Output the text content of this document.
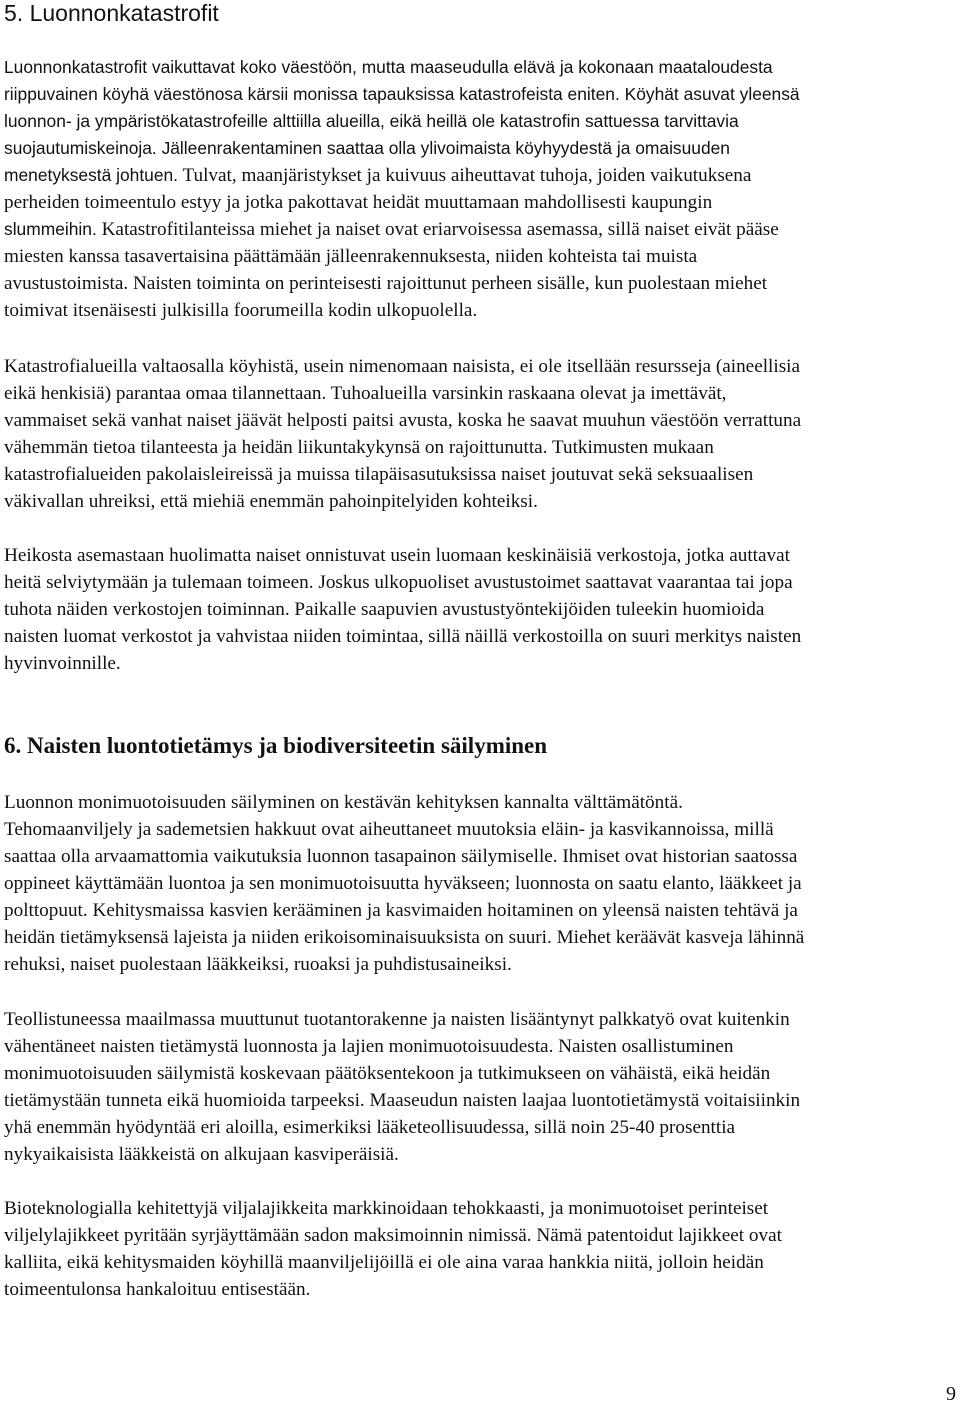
5. Luonnonkatastrofit
Luonnonkatastrofit vaikuttavat koko väestöön, mutta maaseudulla elävä ja kokonaan maataloudesta
riippuvainen köyhä väestönosa kärsii monissa tapauksissa katastrofeista eniten. Köyhät asuvat yleensä
luonnon- ja ympäristökatastrofeille alttiilla alueilla, eikä heillä ole katastrofin sattuessa tarvittavia
suojautumiskeinoja. Jälleenrakentaminen saattaa olla ylivoimaista köyhyydestä ja omaisuuden
menetyksestä johtuen. Tulvat, maanjäristykset ja kuivuus aiheuttavat tuhoja, joiden vaikutuksena
perheiden toimeentulo estyy ja jotka pakottavat heidät muuttamaan mahdollisesti kaupungin
slummeihin. Katastrofitilanteissa miehet ja naiset ovat eriarvoisessa asemassa, sillä naiset eivät pääse
miesten kanssa tasavertaisina päättämään jälleenrakennuksesta, niiden kohteista tai muista
avustustoimista. Naisten toiminta on perinteisesti rajoittunut perheen sisälle, kun puolestaan miehet
toimivat itsenäisesti julkisilla foorumeilla kodin ulkopuolella.
Katastrofialueilla valtaosalla köyhistä, usein nimenomaan naisista, ei ole itsellään resursseja (aineellisia
eikä henkisiä) parantaa omaa tilannettaan. Tuhoalueilla varsinkin raskaana olevat ja imettävät,
vammaiset sekä vanhat naiset jäävät helposti paitsi avusta, koska he saavat muuhun väestöön verrattuna
vähemmän tietoa tilanteesta ja heidän liikuntakykynsä on rajoittunutta. Tutkimusten mukaan
katastrofialueiden pakolaisleireissä ja muissa tilapäisasutuksissa naiset joutuvat sekä seksuaalisen
väkivallan uhreiksi, että miehiä enemmän pahoinpitelyiden kohteiksi.
Heikosta asemastaan huolimatta naiset onnistuvat usein luomaan keskinäisiä verkostoja, jotka auttavat
heitä selviytymään ja tulemaan toimeen. Joskus ulkopuoliset avustustoimet saattavat vaarantaa tai jopa
tuhota näiden verkostojen toiminnan. Paikalle saapuvien avustustyöntekijöiden tuleekin huomioida
naisten luomat verkostot ja vahvistaa niiden toimintaa, sillä näillä verkostoilla on suuri merkitys naisten
hyvinvoinnille.
6. Naisten luontotietämys ja biodiversiteetin säilyminen
Luonnon monimuotoisuuden säilyminen on kestävän kehityksen kannalta välttämätöntä.
Tehomaanviljely ja sademetsien hakkuut ovat aiheuttaneet muutoksia eläin- ja kasvikannoissa, millä
saattaa olla arvaamattomia vaikutuksia luonnon tasapainon säilymiselle. Ihmiset ovat historian saatossa
oppineet käyttämään luontoa ja sen monimuotoisuutta hyväkseen; luonnosta on saatu elanto, lääkkeet ja
polttopuut. Kehitysmaissa kasvien kerääminen ja kasvimaiden hoitaminen on yleensä naisten tehtävä ja
heidän tietämyksensä lajeista ja niiden erikoisominaisuuksista on suuri. Miehet keräävät kasveja lähinnä
rehuksi, naiset puolestaan lääkkeiksi, ruoaksi ja puhdistusaineiksi.
Teollistuneessa maailmassa muuttunut tuotantorakenne ja naisten lisääntynyt palkkatyö ovat kuitenkin
vähentäneet naisten tietämystä luonnosta ja lajien monimuotoisuudesta. Naisten osallistuminen
monimuotoisuuden säilymistä koskevaan päätöksentekoon ja tutkimukseen on vähäistä, eikä heidän
tietämystään tunneta eikä huomioida tarpeeksi. Maaseudun naisten laajaa luontotietämystä voitaisiinkin
yhä enemmän hyödyntää eri aloilla, esimerkiksi lääketeollisuudessa, sillä noin 25-40 prosenttia
nykyaikaisista lääkkeistä on alkujaan kasviperäisiä.
Bioteknologialla kehitettyjä viljalajikkeita markkinoidaan tehokkaasti, ja monimuotoiset perinteiset
viljelylajikkeet pyritään syrjäyttämään sadon maksimoinnin nimissä. Nämä patentoidut lajikkeet ovat
kalliita, eikä kehitysmaiden köyhillä maanviljelijöillä ei ole aina varaa hankkia niitä, jolloin heidän
toimeentulonsa hankaloituu entisestään.
9
